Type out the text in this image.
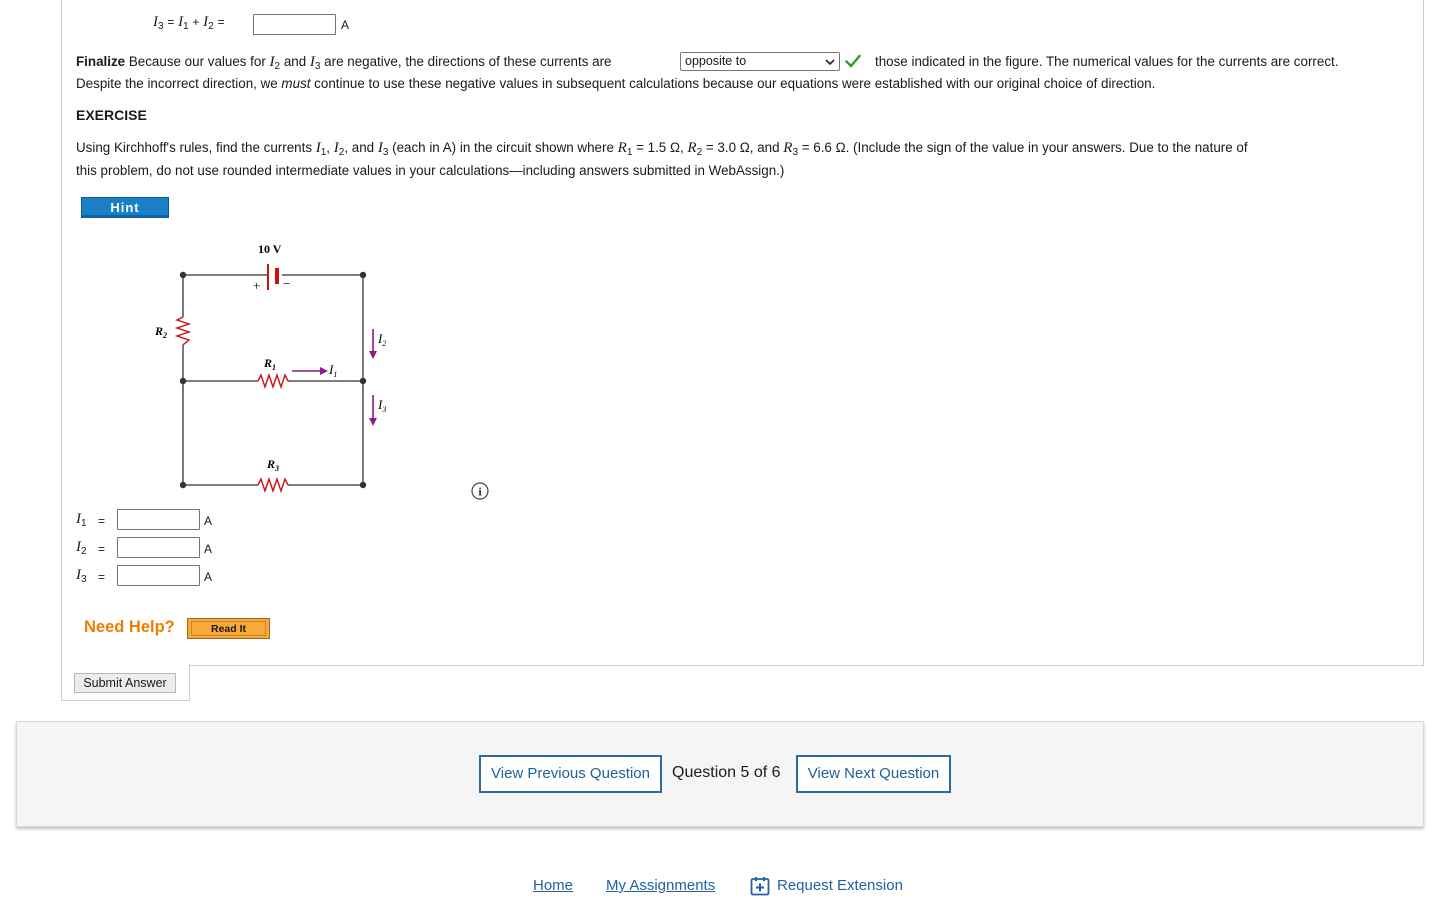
$I_3 = I_1 + I_2$ =	A
Finalize Because our values for $I_2$ and $I_3$ are negative, the directions of these currents are	opposite to	those indicated in the figure. The numerical values for the currents are correct.
Despite the incorrect direction, we must continue to use these negative values in subsequent calculations because our equations were established with our original choice of direction.
EXERCISE
Using Kirchhoff's rules, find the currents $I_1$, $I_2$, and $I_3$ (each in A) in the circuit shown where $R_1 = 1.5$ Ω, $R_2 = 3.0$ Ω, and $R_3 = 6.6$ Ω. (Include the sign of the value in your answers. Due to the nature of
this problem, do not use rounded intermediate values in your calculations—including answers submitted in WebAssign.)
Hint
10 V
+ −
$R_2$
$R_1$
$R_3$
$I_1$
$I_2$
$I_3$
i
$I_1$ =	A
$I_2$ =	A
$I_3$ =	A
Need Help?	Read It
Submit Answer
View Previous Question	Question 5 of 6	View Next Question
Home My Assignments	Request Extension
